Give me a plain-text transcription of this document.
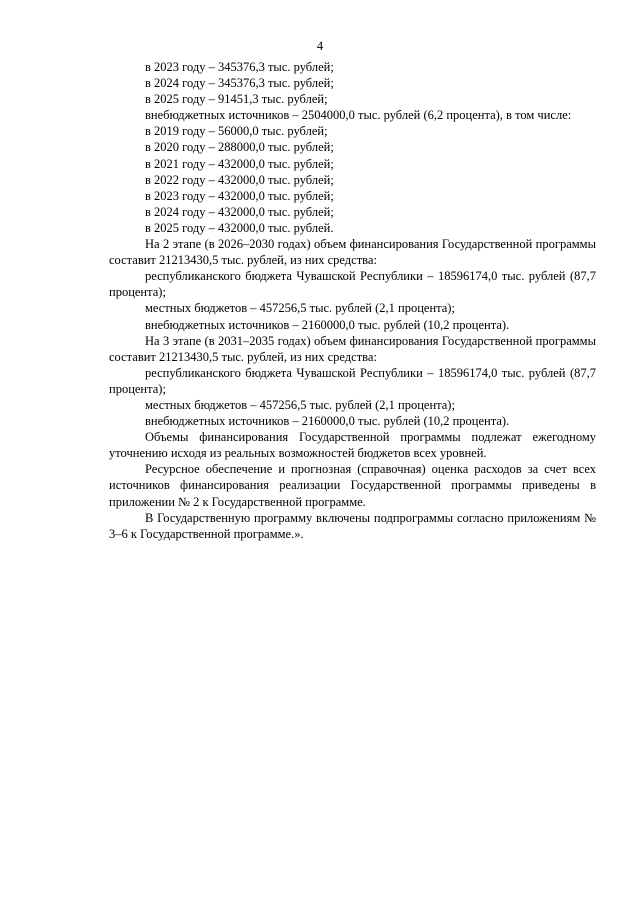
4

в 2023 году – 345376,3 тыс. рублей;

в 2024 году – 345376,3 тыс. рублей;

в 2025 году – 91451,3 тыс. рублей;

внебюджетных источников – 2504000,0 тыс. рублей (6,2 процента), в том числе:

в 2019 году – 56000,0 тыс. рублей;

в 2020 году – 288000,0 тыс. рублей;

в 2021 году – 432000,0 тыс. рублей;

в 2022 году – 432000,0 тыс. рублей;

в 2023 году – 432000,0 тыс. рублей;

в 2024 году – 432000,0 тыс. рублей;

в 2025 году – 432000,0 тыс. рублей.

На 2 этапе (в 2026–2030 годах) объем финансирования Государственной программы составит 21213430,5 тыс. рублей, из них средства:

республиканского бюджета Чувашской Республики – 18596174,0 тыс. рублей (87,7 процента);

местных бюджетов – 457256,5 тыс. рублей (2,1 процента);

внебюджетных источников – 2160000,0 тыс. рублей (10,2 процента).

На 3 этапе (в 2031–2035 годах) объем финансирования Государственной программы составит 21213430,5 тыс. рублей, из них средства:

республиканского бюджета Чувашской Республики – 18596174,0 тыс. рублей (87,7 процента);

местных бюджетов – 457256,5 тыс. рублей (2,1 процента);

внебюджетных источников – 2160000,0 тыс. рублей (10,2 процента).

Объемы финансирования Государственной программы подлежат ежегодному уточнению исходя из реальных возможностей бюджетов всех уровней.

Ресурсное обеспечение и прогнозная (справочная) оценка расходов за счет всех источников финансирования реализации Государственной программы приведены в приложении № 2 к Государственной программе.

В Государственную программу включены подпрограммы согласно приложениям № 3–6 к Государственной программе.».
